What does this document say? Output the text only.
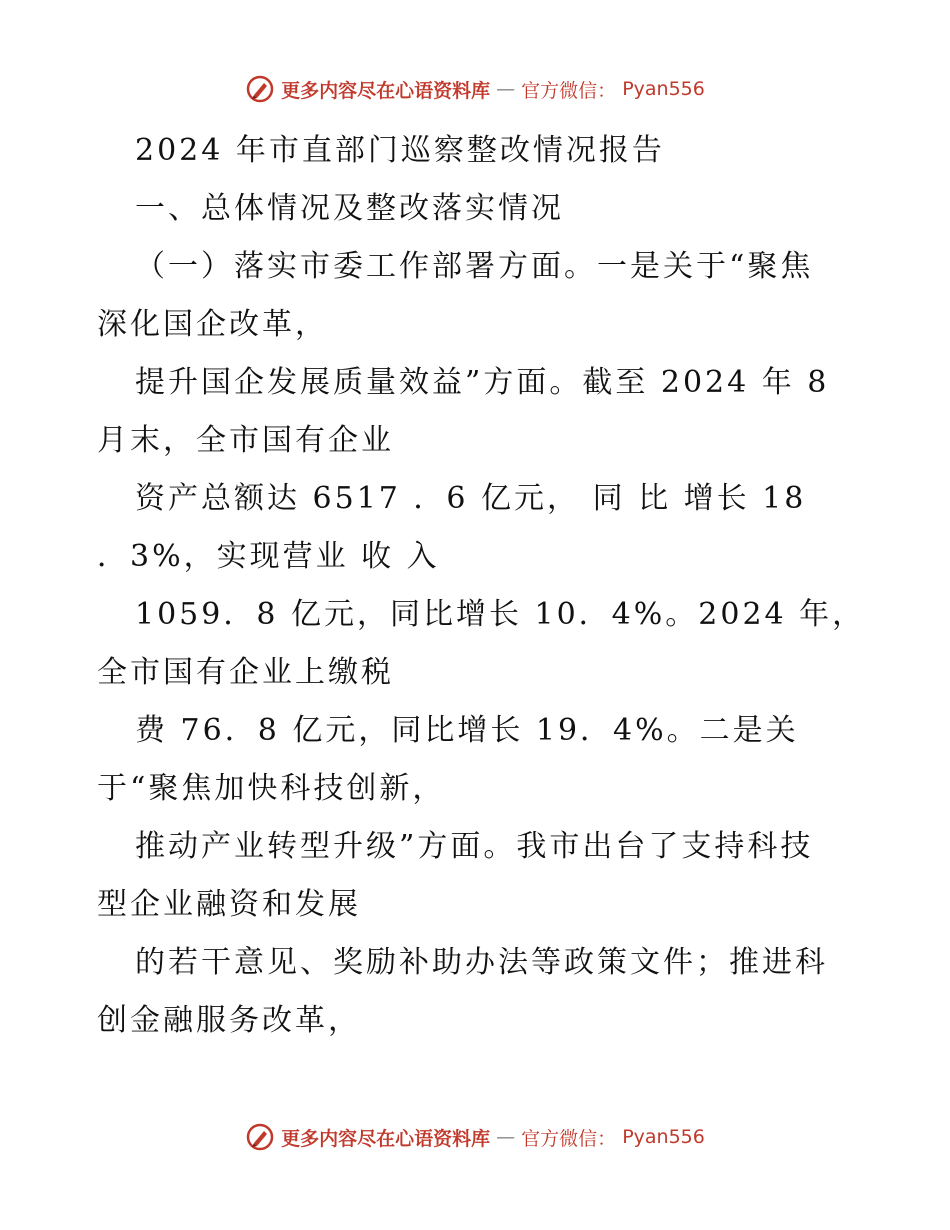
更多内容尽在心语资料库 — 官方微信： Pyan556
2024 年市直部门巡察整改情况报告
一、总体情况及整改落实情况
（一）落实市委工作部署方面。一是关于“聚焦
深化国企改革，
提升国企发展质量效益”方面。截至 2024 年 8
月末，全市国有企业
资产总额达 6517 ．6 亿元， 同 比 增长 18
．3%，实现营业 收 入
1059．8 亿元，同比增长 10．4%。2024 年，
全市国有企业上缴税
费 76．8 亿元，同比增长 19．4%。二是关
于“聚焦加快科技创新，
推动产业转型升级”方面。我市出台了支持科技
型企业融资和发展
的若干意见、奖励补助办法等政策文件；推进科
创金融服务改革，
更多内容尽在心语资料库 — 官方微信： Pyan556
